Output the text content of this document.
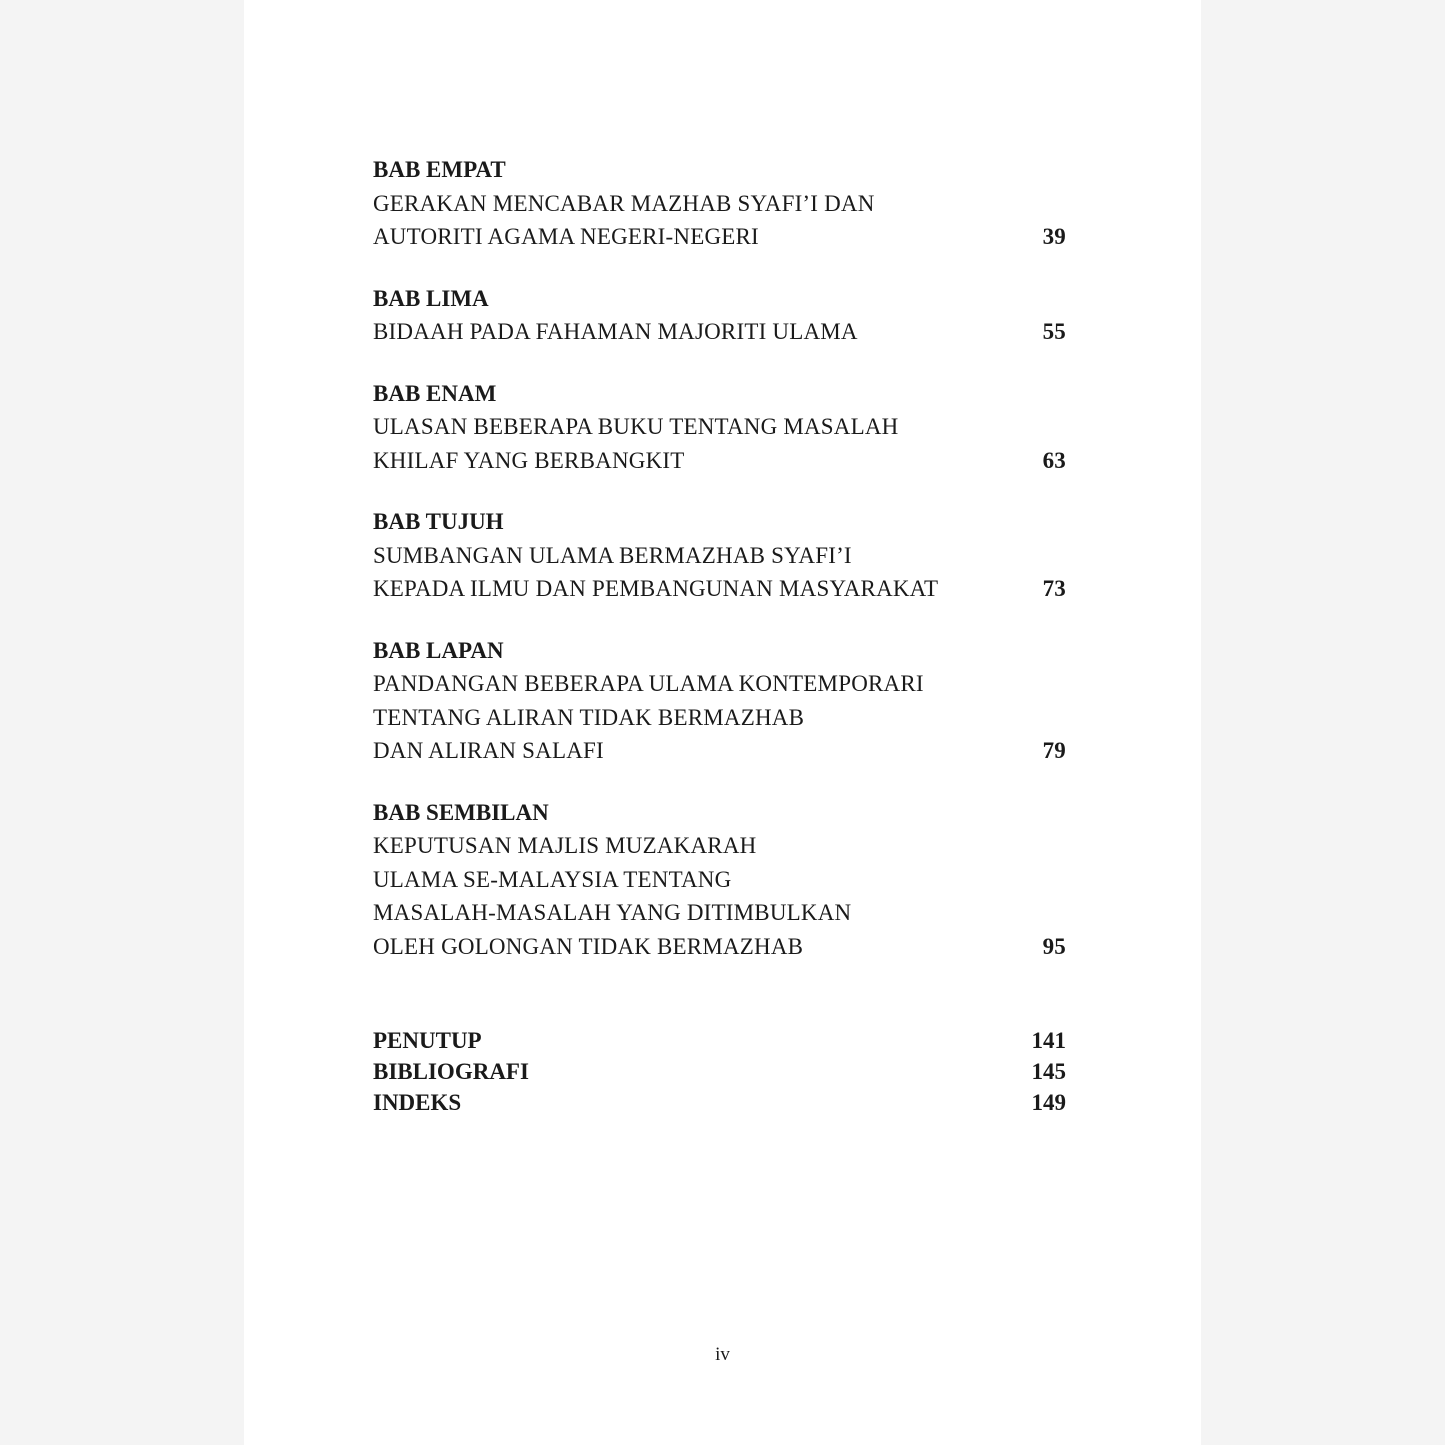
BAB EMPAT
GERAKAN MENCABAR MAZHAB SYAFI’I DAN
AUTORITI AGAMA NEGERI-NEGERI	39
BAB LIMA
BIDAAH PADA FAHAMAN MAJORITI ULAMA	55
BAB ENAM
ULASAN BEBERAPA BUKU TENTANG MASALAH
KHILAF YANG BERBANGKIT	63
BAB TUJUH
SUMBANGAN ULAMA BERMAZHAB SYAFI’I
KEPADA ILMU DAN PEMBANGUNAN MASYARAKAT	73
BAB LAPAN
PANDANGAN BEBERAPA ULAMA KONTEMPORARI
TENTANG ALIRAN TIDAK BERMAZHAB
DAN ALIRAN SALAFI	79
BAB SEMBILAN
KEPUTUSAN MAJLIS MUZAKARAH
ULAMA SE-MALAYSIA TENTANG
MASALAH-MASALAH YANG DITIMBULKAN
OLEH GOLONGAN TIDAK BERMAZHAB	95
PENUTUP	141
BIBLIOGRAFI	145
INDEKS	149
iv
